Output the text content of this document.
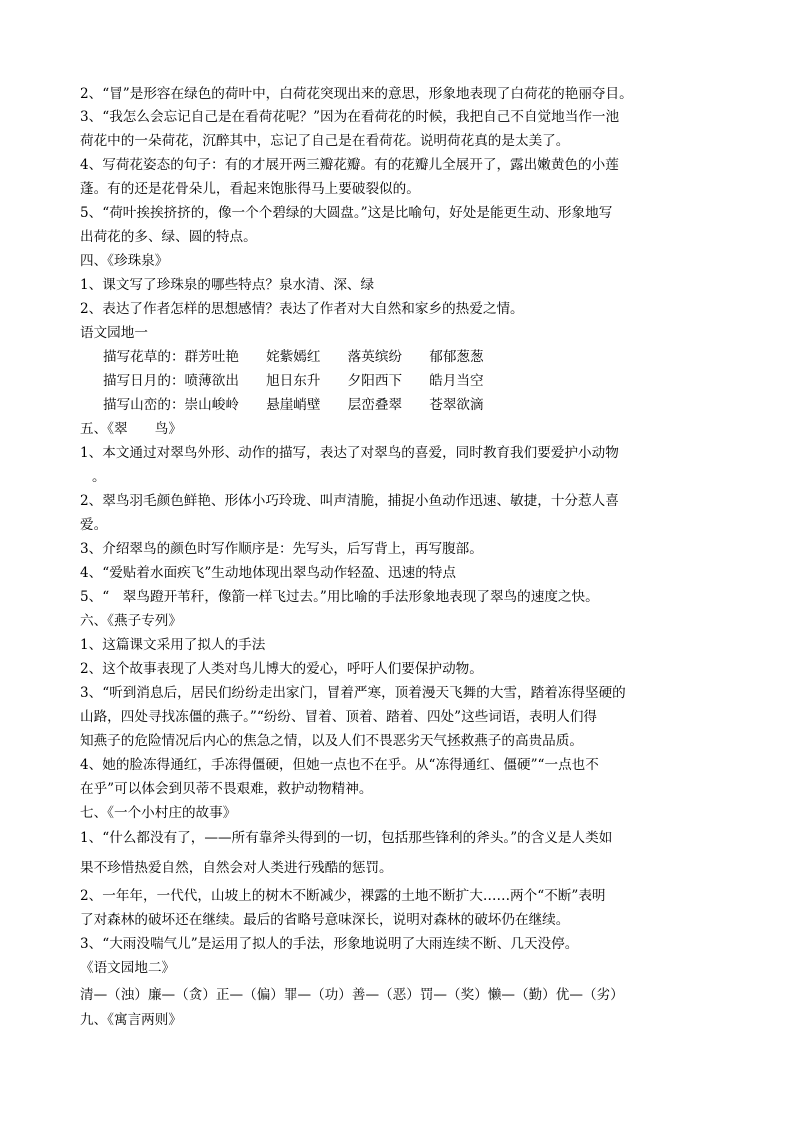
2、“冒”是形容在绿色的荷叶中，白荷花突现出来的意思，形象地表现了白荷花的艳丽夺目。
3、“我怎么会忘记自己是在看荷花呢？”因为在看荷花的时候，我把自己不自觉地当作一池
荷花中的一朵荷花，沉醉其中，忘记了自己是在看荷花。说明荷花真的是太美了。
4、写荷花姿态的句子：有的才展开两三瓣花瓣。有的花瓣儿全展开了，露出嫩黄色的小莲
蓬。有的还是花骨朵儿，看起来饱胀得马上要破裂似的。
5、“荷叶挨挨挤挤的，像一个个碧绿的大圆盘。”这是比喻句，好处是能更生动、形象地写
出荷花的多、绿、圆的特点。
四、《珍珠泉》
1、课文写了珍珠泉的哪些特点？泉水清、深、绿
2、表达了作者怎样的思想感情？表达了作者对大自然和家乡的热爱之情。
语文园地一
描写花草的：群芳吐艳　　姹紫嫣红　　落英缤纷　　郁郁葱葱
描写日月的：喷薄欲出　　旭日东升　　夕阳西下　　皓月当空
描写山峦的：崇山峻岭　　悬崖峭壁　　层峦叠翠　　苍翠欲滴
五、《翠　　鸟》
1、本文通过对翠鸟外形、动作的描写，表达了对翠鸟的喜爱，同时教育我们要爱护小动物
。
2、翠鸟羽毛颜色鲜艳、形体小巧玲珑、叫声清脆，捕捉小鱼动作迅速、敏捷，十分惹人喜
爱。
3、介绍翠鸟的颜色时写作顺序是：先写头，后写背上，再写腹部。
4、“爱贴着水面疾飞”生动地体现出翠鸟动作轻盈、迅速的特点
5、“　翠鸟蹬开苇秆，像箭一样飞过去。”用比喻的手法形象地表现了翠鸟的速度之快。
六、《燕子专列》
1、这篇课文采用了拟人的手法
2、这个故事表现了人类对鸟儿博大的爱心，呼吁人们要保护动物。
3、“听到消息后，居民们纷纷走出家门，冒着严寒，顶着漫天飞舞的大雪，踏着冻得坚硬的
山路，四处寻找冻僵的燕子。”“纷纷、冒着、顶着、踏着、四处”这些词语，表明人们得
知燕子的危险情况后内心的焦急之情，以及人们不畏恶劣天气拯救燕子的高贵品质。
4、她的脸冻得通红，手冻得僵硬，但她一点也不在乎。从“冻得通红、僵硬”“一点也不
在乎”可以体会到贝蒂不畏艰难，救护动物精神。
七、《一个小村庄的故事》
1、“什么都没有了，——所有靠斧头得到的一切，包括那些锋利的斧头。”的含义是人类如
果不珍惜热爱自然，自然会对人类进行残酷的惩罚。
2、一年年，一代代，山坡上的树木不断减少，裸露的土地不断扩大……两个“不断”表明
了对森林的破坏还在继续。最后的省略号意味深长，说明对森林的破坏仍在继续。
3、“大雨没喘气儿”是运用了拟人的手法，形象地说明了大雨连续不断、几天没停。
《语文园地二》
清—（浊）廉—（贪）正—（偏）罪—（功）善—（恶）罚—（奖）懒—（勤）优—（劣）
九、《寓言两则》
